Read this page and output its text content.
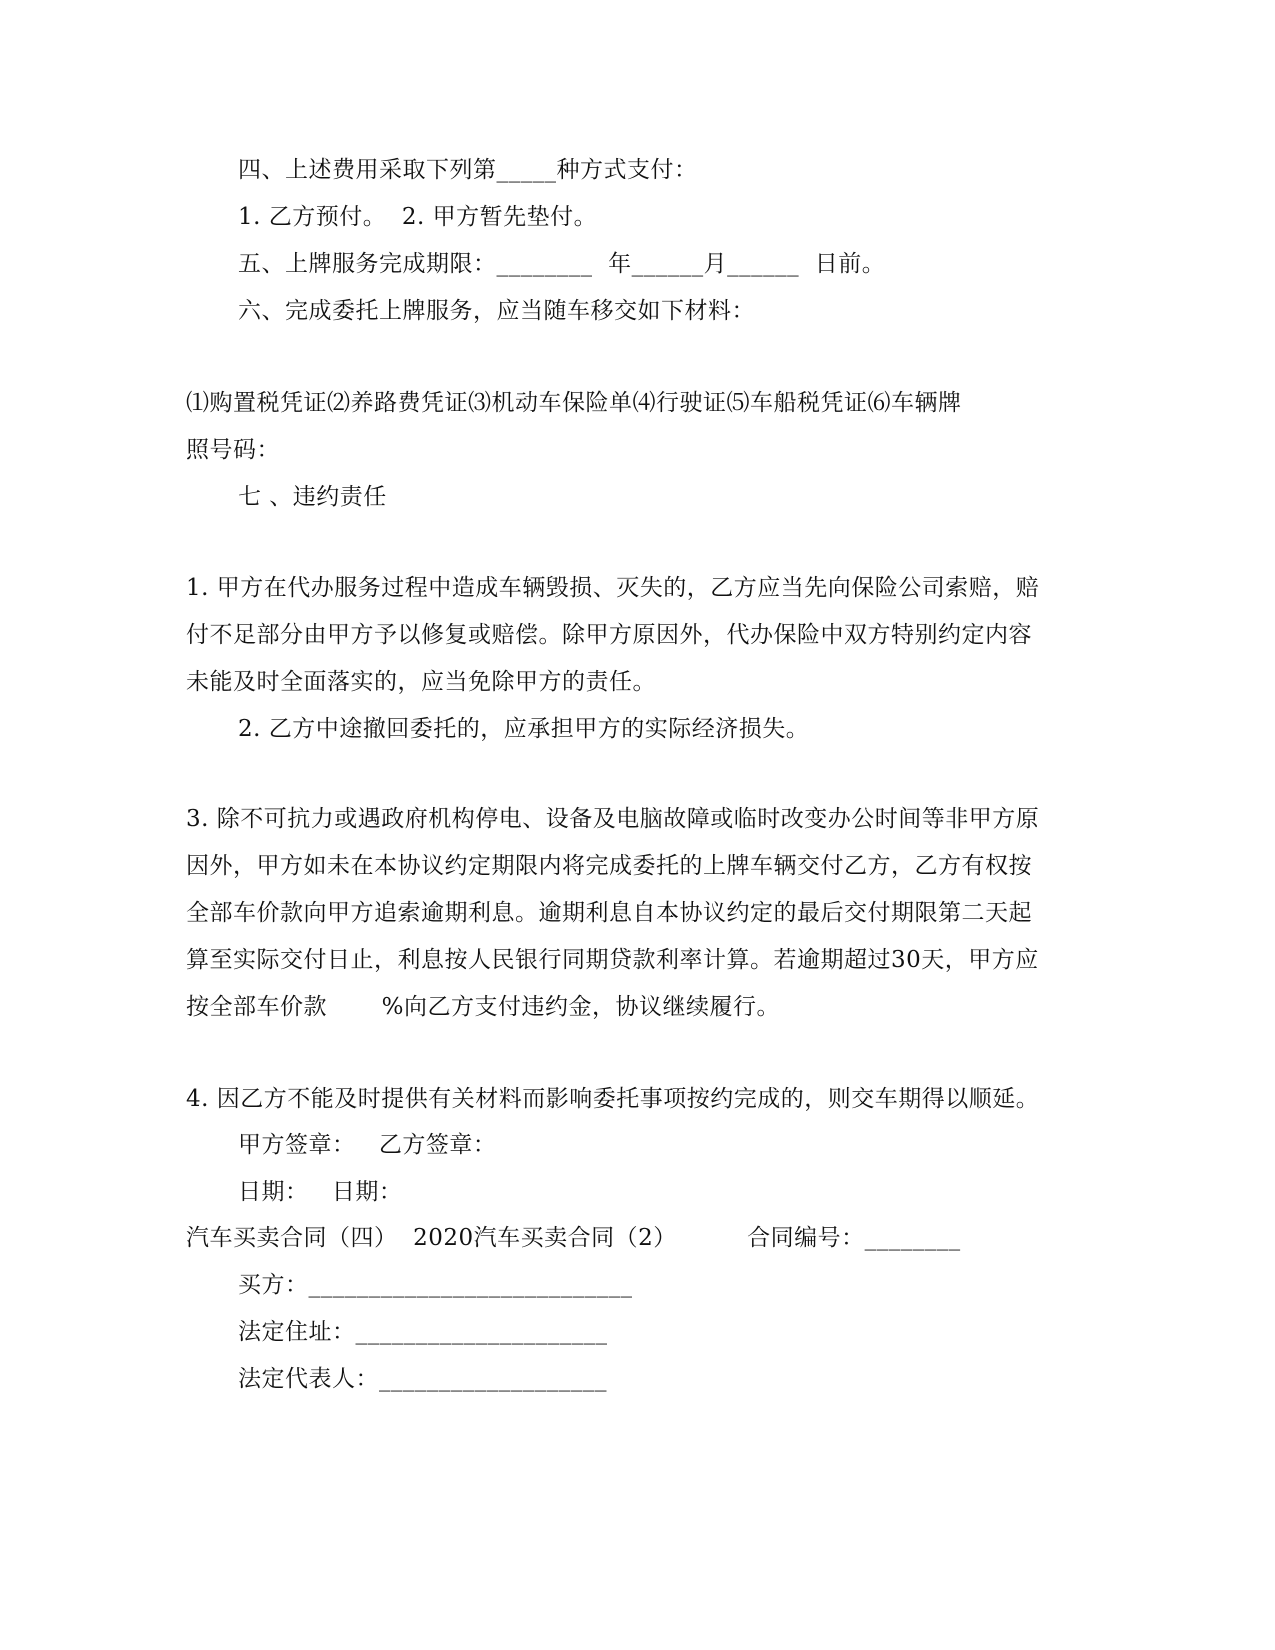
四、上述费用采取下列第_____种方式支付：
1. 乙方预付。  2. 甲方暂先垫付。
五、上牌服务完成期限：________  年______月______  日前。
六、完成委托上牌服务，应当随车移交如下材料：
⑴购置税凭证⑵养路费凭证⑶机动车保险单⑷行驶证⑸车船税凭证⑹车辆牌
照号码：
七 、违约责任
1. 甲方在代办服务过程中造成车辆毁损、灭失的，乙方应当先向保险公司索赔，赔
付不足部分由甲方予以修复或赔偿。除甲方原因外，代办保险中双方特别约定内容
未能及时全面落实的，应当免除甲方的责任。
2. 乙方中途撤回委托的，应承担甲方的实际经济损失。
3. 除不可抗力或遇政府机构停电、设备及电脑故障或临时改变办公时间等非甲方原
因外，甲方如未在本协议约定期限内将完成委托的上牌车辆交付乙方，乙方有权按
全部车价款向甲方追索逾期利息。逾期利息自本协议约定的最后交付期限第二天起
算至实际交付日止，利息按人民银行同期贷款利率计算。若逾期超过30天，甲方应
按全部车价款       %向乙方支付违约金，协议继续履行。
4. 因乙方不能及时提供有关材料而影响委托事项按约完成的，则交车期得以顺延。
甲方签章：   乙方签章：
日期：   日期：
汽车买卖合同（四）  2020汽车买卖合同（2）         合同编号：________
买方：___________________________
法定住址：_____________________
法定代表人：___________________
